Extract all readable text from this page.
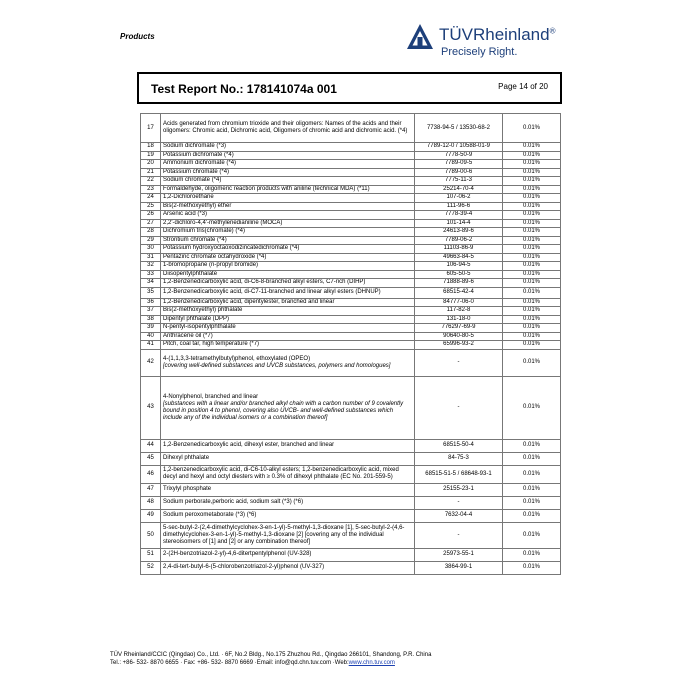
Products	TÜVRheinland®
Precisely Right.
Test Report No.: 178141074a 001	Page 14 of 20
17	Acids generated from chromium trioxide and their oligomers: Names of the acids and their oligomers: Chromic acid, Dichromic acid, Oligomers of chromic acid and dichromic acid. (*4)	7738-94-5 / 13530-68-2	0.01%
18	Sodium dichromate (*3)	7789-12-0 / 10588-01-9	0.01%
19	Potassium dichromate (*4)	7778-50-9	0.01%
20	Ammonium dichromate (*4)	7789-09-5	0.01%
21	Potassium chromate (*4)	7789-00-6	0.01%
22	Sodium chromate (*4)	7775-11-3	0.01%
23	Formaldehyde, oligomeric reaction products with aniline (technical MDA) (*11)	25214-70-4	0.01%
24	1,2-Dichloroethane	107-06-2	0.01%
25	Bis(2-methoxyethyl) ether	111-96-6	0.01%
26	Arsenic acid (*3)	7778-39-4	0.01%
27	2,2'-dichloro-4,4'-methylenedianiline (MOCA)	101-14-4	0.01%
28	Dichromium tris(chromate) (*4)	24613-89-6	0.01%
29	Strontium chromate (*4)	7789-06-2	0.01%
30	Potassium hydroxyoctaoxodizincatedichromate (*4)	11103-86-9	0.01%
31	Pentazinc chromate octahydroxide (*4)	49663-84-5	0.01%
32	1-bromopropane (n-propyl bromide)	106-94-5	0.01%
33	Diisopentylphthalate	605-50-5	0.01%
34	1,2-Benzenedicarboxylic acid, di-C6-8-branched alkyl esters, C7-rich (DIHP)	71888-89-6	0.01%
35	1,2-Benzenedicarboxylic acid, di-C7-11-branched and linear alkyl esters (DHNUP)	68515-42-4	0.01%
36	1,2-Benzenedicarboxylic acid, dipentylester, branched and linear	84777-06-0	0.01%
37	Bis(2-methoxyethyl) phthalate	117-82-8	0.01%
38	Dipentyl phthalate (DPP)	131-18-0	0.01%
39	N-pentyl-isopentylphthalate	776297-69-9	0.01%
40	Anthracene oil (*7)	90640-80-5	0.01%
41	Pitch, coal tar, high temperature (*7)	65996-93-2	0.01%
42	4-(1,1,3,3-tetramethylbutyl)phenol, ethoxylated (OPEO)
[covering well-defined substances and UVCB substances, polymers and homologues]	-	0.01%
43	4-Nonylphenol, branched and linear
[substances with a linear and/or branched alkyl chain with a carbon number of 9 covalently bound in position 4 to phenol, covering also UVCB- and well-defined substances which include any of the individual isomers or a combination thereof]	-	0.01%
44	1,2-Benzenedicarboxylic acid, dihexyl ester, branched and linear	68515-50-4	0.01%
45	Dihexyl phthalate	84-75-3	0.01%
46	1,2-benzenedicarboxylic acid, di-C6-10-alkyl esters; 1,2-benzenedicarboxylic acid, mixed decyl and hexyl and octyl diesters with ≥ 0.3% of dihexyl phthalate (EC No. 201-559-5)	68515-51-5 / 68648-93-1	0.01%
47	Trixylyl phosphate	25155-23-1	0.01%
48	Sodium perborate,perboric acid, sodium salt (*3) (*6)	-	0.01%
49	Sodium peroxometaborate (*3) (*6)	7632-04-4	0.01%
50	5-sec-butyl-2-(2,4-dimethylcyclohex-3-en-1-yl)-5-methyl-1,3-dioxane [1], 5-sec-butyl-2-(4,6-dimethylcyclohex-3-en-1-yl)-5-methyl-1,3-dioxane [2] [covering any of the individual stereoisomers of [1] and [2] or any combination thereof]	-	0.01%
51	2-(2H-benzotriazol-2-yl)-4,6-ditertpentylphenol (UV-328)	25973-55-1	0.01%
52	2,4-di-tert-butyl-6-(5-chlorobenzotriazol-2-yl)phenol (UV-327)	3864-99-1	0.01%
TÜV Rheinland/CCIC (Qingdao) Co., Ltd. · 6F, No.2 Bldg., No.175 Zhuzhou Rd., Qingdao 266101, Shandong, P.R. China
Tel.: +86- 532- 8870 6655 · Fax: +86- 532- 8870 6669 ·Email: info@qd.chn.tuv.com ·Web:www.chn.tuv.com
